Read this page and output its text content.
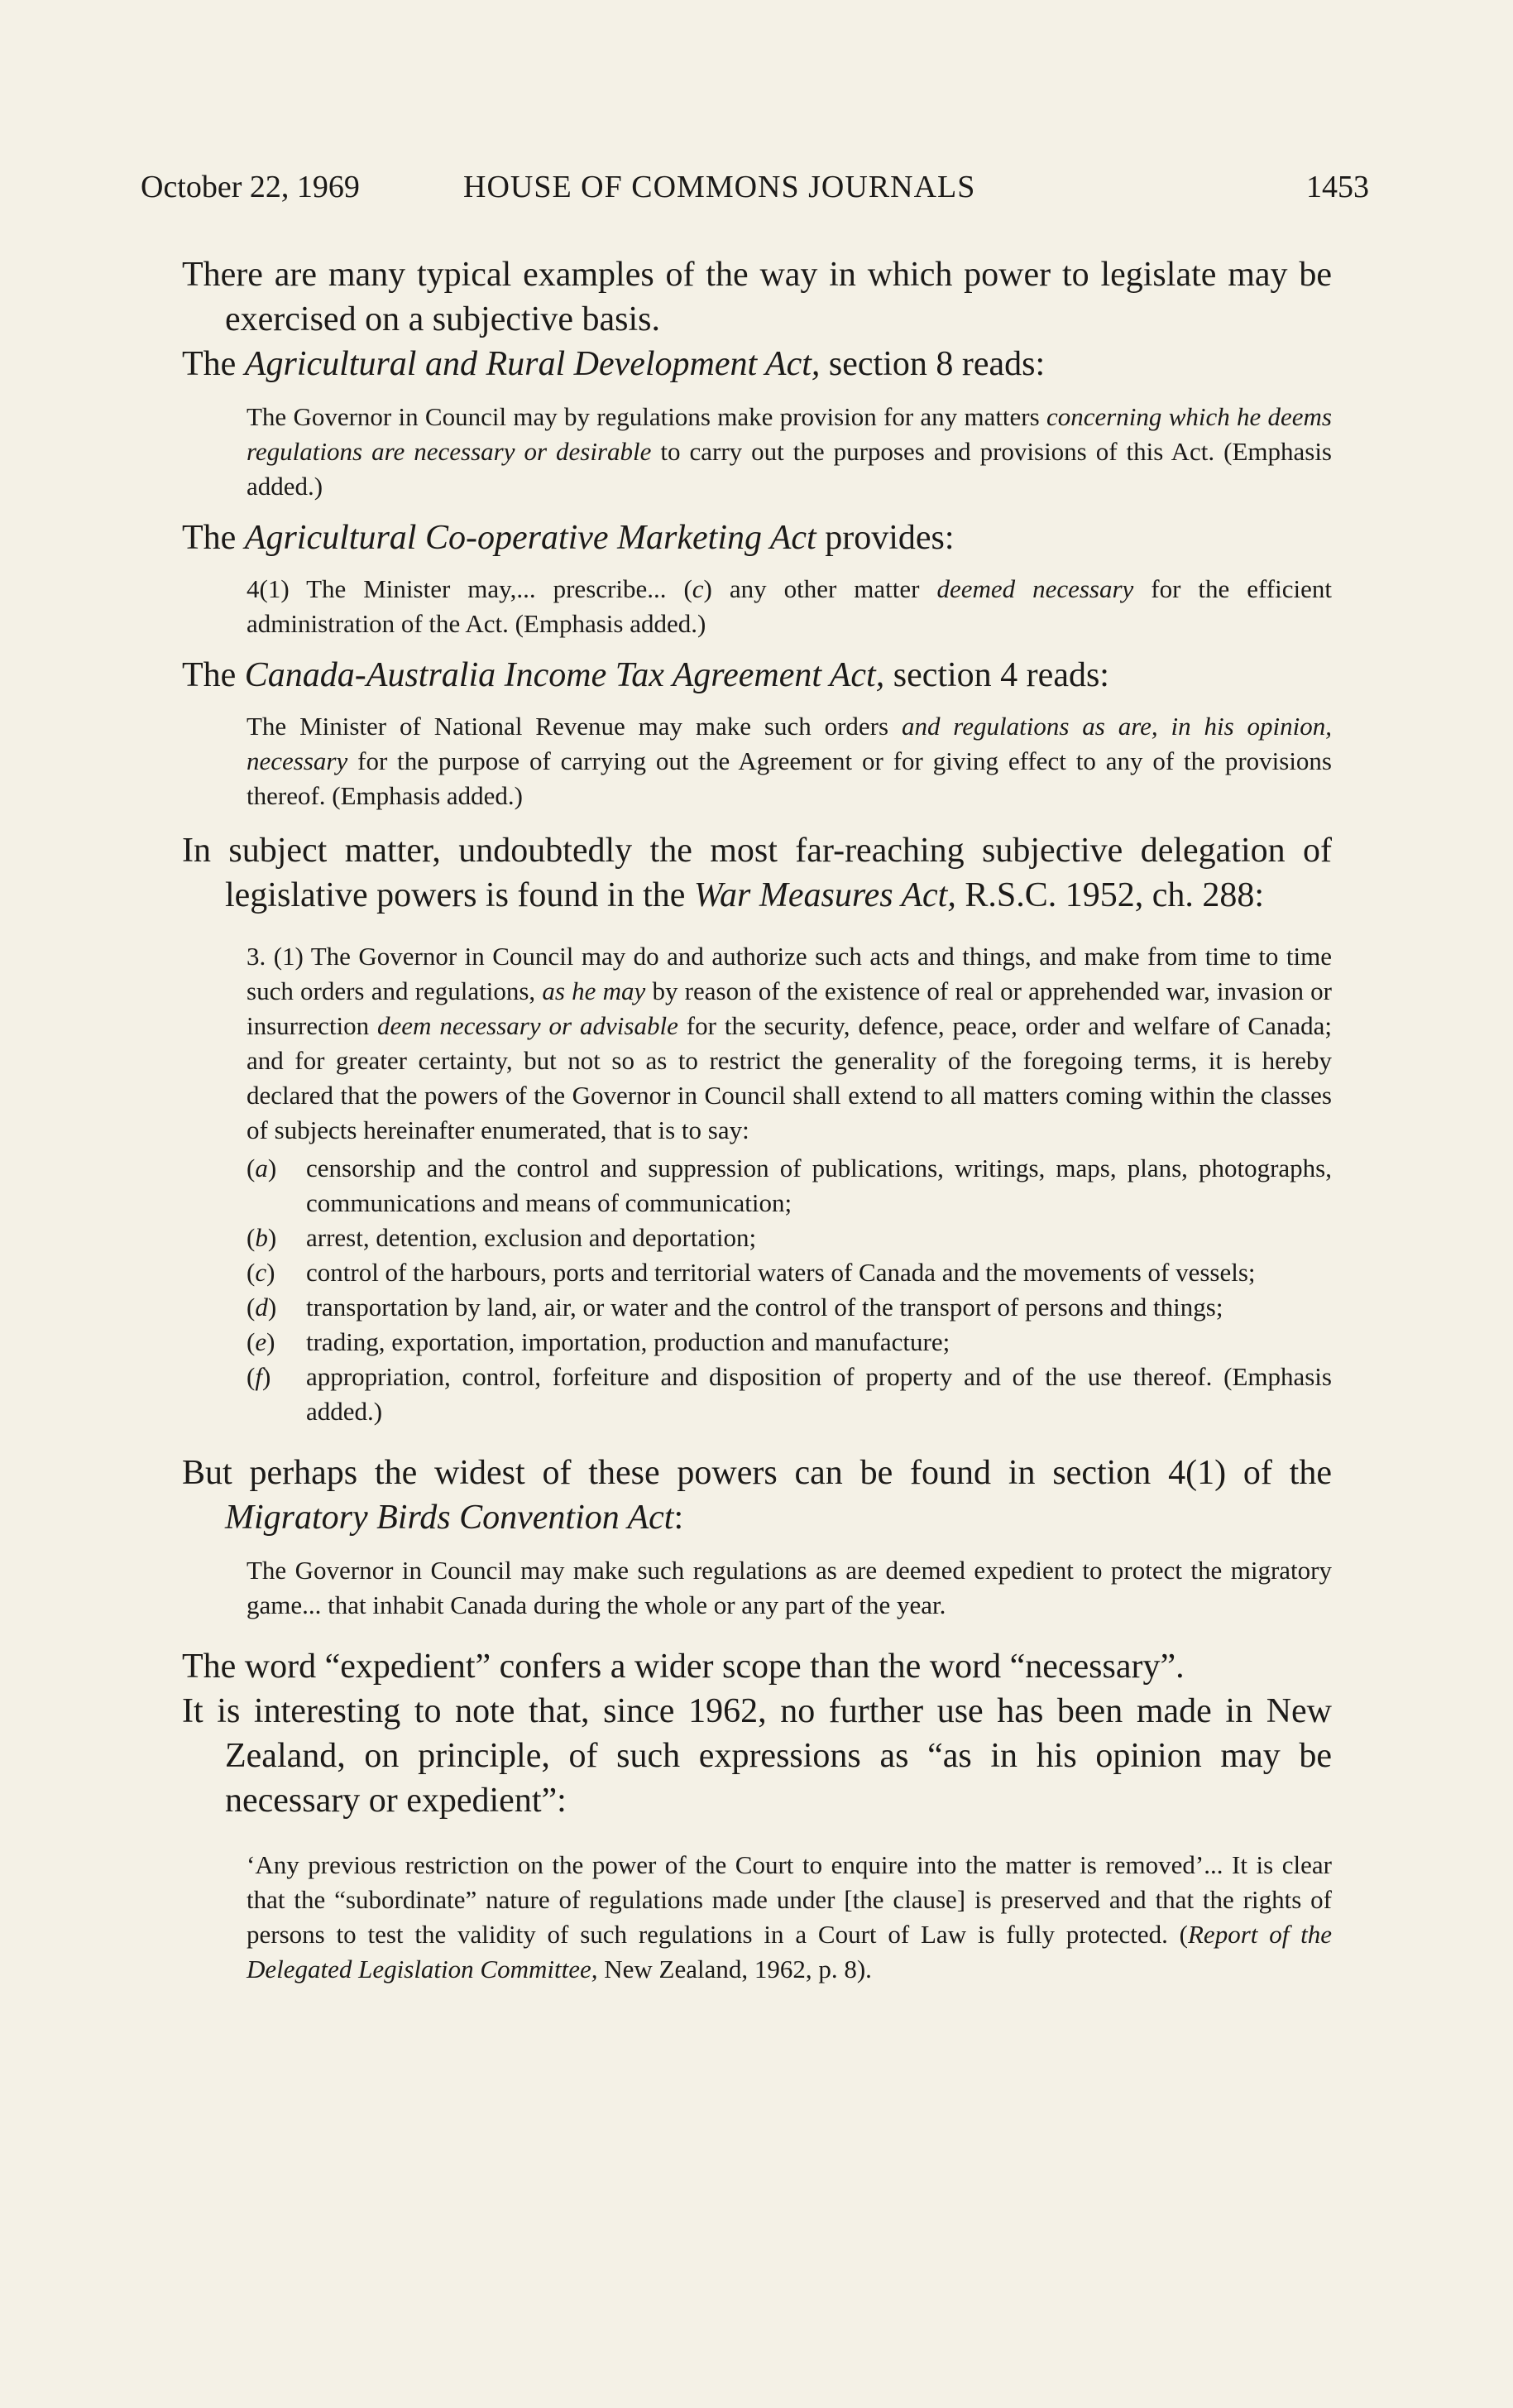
October 22, 1969	HOUSE OF COMMONS JOURNALS	1453

There are many typical examples of the way in which power to legislate may be exercised on a subjective basis.

The Agricultural and Rural Development Act, section 8 reads:

The Governor in Council may by regulations make provision for any matters concerning which he deems regulations are necessary or desirable to carry out the purposes and provisions of this Act. (Emphasis added.)

The Agricultural Co-operative Marketing Act provides:

4(1) The Minister may,... prescribe... (c) any other matter deemed necessary for the efficient administration of the Act. (Emphasis added.)

The Canada-Australia Income Tax Agreement Act, section 4 reads:

The Minister of National Revenue may make such orders and regulations as are, in his opinion, necessary for the purpose of carrying out the Agreement or for giving effect to any of the provisions thereof. (Emphasis added.)

In subject matter, undoubtedly the most far-reaching subjective delegation of legislative powers is found in the War Measures Act, R.S.C. 1952, ch. 288:

3. (1) The Governor in Council may do and authorize such acts and things, and make from time to time such orders and regulations, as he may by reason of the existence of real or apprehended war, invasion or insurrection deem necessary or advisable for the security, defence, peace, order and welfare of Canada; and for greater certainty, but not so as to restrict the generality of the foregoing terms, it is hereby declared that the powers of the Governor in Council shall extend to all matters coming within the classes of subjects hereinafter enumerated, that is to say:

(a)	censorship and the control and suppression of publications, writings, maps, plans, photographs, communications and means of communication;
(b)	arrest, detention, exclusion and deportation;
(c)	control of the harbours, ports and territorial waters of Canada and the movements of vessels;
(d)	transportation by land, air, or water and the control of the transport of persons and things;
(e)	trading, exportation, importation, production and manufacture;
(f)	appropriation, control, forfeiture and disposition of property and of the use thereof. (Emphasis added.)

But perhaps the widest of these powers can be found in section 4(1) of the Migratory Birds Convention Act:

The Governor in Council may make such regulations as are deemed expedient to protect the migratory game... that inhabit Canada during the whole or any part of the year.

The word “expedient” confers a wider scope than the word “necessary”.

It is interesting to note that, since 1962, no further use has been made in New Zealand, on principle, of such expressions as “as in his opinion may be necessary or expedient”:

‘Any previous restriction on the power of the Court to enquire into the matter is removed’... It is clear that the “subordinate” nature of regulations made under [the clause] is preserved and that the rights of persons to test the validity of such regulations in a Court of Law is fully protected. (Report of the Delegated Legislation Committee, New Zealand, 1962, p. 8).
